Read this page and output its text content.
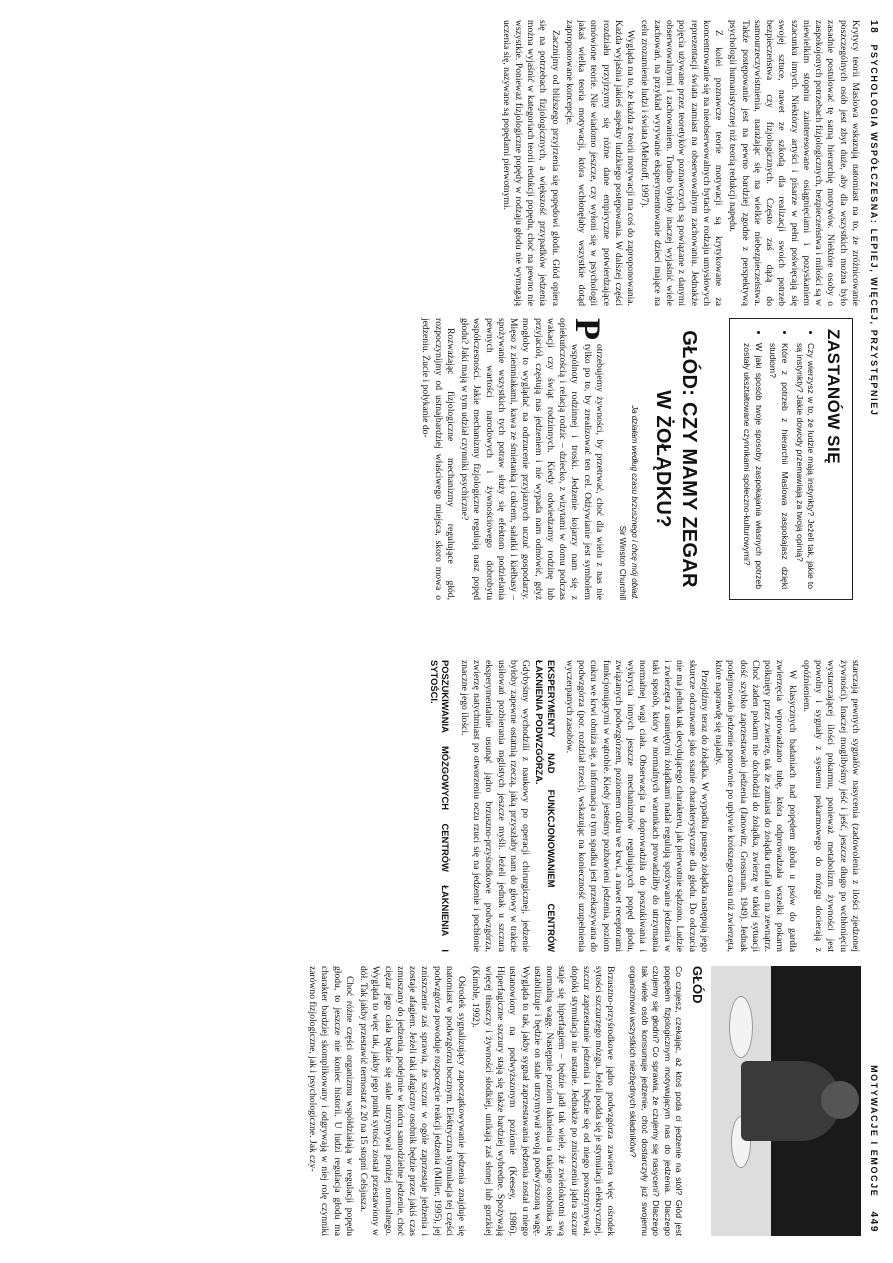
18 PSYCHOLOGIA WSPÓŁCZESNA: LEPIEJ, WIĘCEJ, PRZYSTĘPNIEJ

Krytycy teorii Maslowa wskazują natomiast na to, że zróżnicowanie poszczególnych osób jest zbyt duże, aby dla wszystkich można było zasadnie postulować tę samą hierarchię motywów. Niektóre osoby o zaspokojonych potrzebach fizjologicznych, bezpieczeństwa i miłości są w niewielkim stopniu zainteresowane osiągnięciami i pozyskaniem szacunku innych. Niektórzy artyści i pisarze w pełni poświęcają się swojej sztuce, nawet ze szkodą dla realizacji swoich potrzeb bezpieczeństwa czy fizjologicznych. Często zaś dążą do samourzeczywistnienia, narażając się na wielkie niebezpieczeństwa. Także postępowanie jest na pewno bardziej zgodne z perspektywą psychologii humanistycznej niż teorią redukcji napędu.

Z kolei poznawcze teorie motywacji są krytykowane za koncentrowanie się na nieobserwowalnych bytach w rodzaju umysłowych reprezentacji świata zamiast na obserwowalnym zachowaniu. Jednakże pojęcia używane przez teoretyków poznawczych są powiązane z danymi obserwowalnymi i zachowaniem. Trudno byłoby inaczej wyjaśnić wiele zachowań, na przykład wyrywanie eksperymentowanie dzieci mające na celu zrozumienie ludzi i świata (Meltzoff, 1997).

Wygląda na to, że każda z teorii motywacji ma coś do zaproponowania. Każda wyjaśnia jakieś aspekty ludzkiego postępowania. W dalszej części rozdziału przyjrzymy się różne dane empiryczne potwierdzające omówione teorie. Nie wiadomo jeszcze, czy wyłoni się w psychologii jakaś wielka teoria motywacji, która wchłonęłaby wszystkie dotąd zaproponowane koncepcje.

Zacznijmy od bliższego przyjrzenia się popędowi głodu. Głód opiera się na potrzebach fizjologicznych, a większość przypadków jedzenia można wyjaśnić w kategoriach teorii redukcji popędu, choć na pewno nie wszystkie. Ponieważ fizjologiczne popędy w rodzaju głodu nie wymagają uczenia się, nazywane są popędami pierwotnymi.

ZASTANÓW SIĘ
• Czy wierzysz w to, że ludzie mają instynkty? Jeżeli tak, jakie to są instynkty? Jakie dowody przemawiają za twoją opinią?
• Które z potrzeb z hierarchii Maslowa zaspokajasz dzięki studiom?
• W jaki sposób twoje sposoby zaspokajania własnych potrzeb zostały ukształtowane czynnikami społeczno-kulturowymi?
GŁÓD: CZY MAMY ZEGAR W ŻOŁĄDKU?
Ja działam według czasu brzusznego i chcę mój obiad.
Sir Winston Churchill

P
otrzebujemy żywności, by przetrwać, choć dla wielu z nas nie tylko po to, by zrealizować ten cel. Odżywianie jest symbolem wspólnoty rodzinnej i troski. Jedzenie kojarzy nam się z opiekuńczością i relacją rodzic – dziecko, z wizytami w domu podczas wakacji czy świąt rodzinnych. Kiedy odwiedzamy rodzinę lub przyjaciół, częstują nas jedzeniem i nie wypada nam odmówić, gdyż mogłoby to wyglądać na odrzucenie przyjaznych uczuć gospodarzy. Mięso z ziemniakami, kawa ze śmietanką i cukrem, sałatki i kiełbasy – spożywanie wszystkich tych potraw służy się efektom podzielania pewnych wartości narodowych i żywnościowego dobrobytu współczesności. Jakie mechanizmy fizjologiczne regulują nasz popęd głodu? Jaki mają w tym udział czynniki psychiczne?

Rozważając fizjologiczne mechanizmy regulujące głód, rozpoczynijmy od ustnajbardziej właściwego miejsca, skoro mowa o jedzeniu. Żucie i połykanie do-

MOTYWACJE I EMOCJE 449

starczają pewnych sygnałów nasycenia (zadowolenia z ilości zjedzonej żywności). Inaczej moglibyśmy jeść i jeść, jeszcze długo po wchłonięciu wystarczającej ilości pokarmu, ponieważ metabolizm żywności jest powolny i sygnały z systemu pokarmowego do mózgu docierają z opóźnieniem.

W klasycznych badaniach nad popędem głodu u psów do gardła zwierzęcia wprowadzano tubę, która odprowadzała wszelki pokarm połknięty przez zwierzę, tak że zamiast do żołądka trafiał on na zewnątrz. Choć żaden pokarm nie dochodził do żołądka, zwierzę w takiej sytuacji dość szybko zaprzestawało jedzenia (Janowitz, Grossman, 1949). Jednak podejmowało jedzenie ponownie po upływie krótszego czasu niż zwierzęta, które naprawdę się najadły.

Przejdźmy teraz do żołądka. W wypadku pustego żołądka następują jego skurcze odczuwane jako ssanie charakterystyczne dla głodu. Do odczucia nie ma jednak tak decydującego charakteru, jak pierwotnie sądzono. Ludzie i zwierzęta z usuniętymi żołądkami nadal regulują spożywanie jedzenia w taki sposób, który w normalnych warunkach prowadziłby do utrzymania normalnej wagi ciała. Obserwacja ta doprowadziła do poszukiwania i wykrycia innych jeszcze mechanizmów regulujących popęd głodu, związanych podwzgórzem, poziomem cukru we krwi, a nawet receptorami funkcjonującymi w wątrobie. Kiedy jesteśmy pozbawieni jedzenia, poziom cukru we krwi obniża się, a informacja o tym spadku jest przekazywana do podwzgórza (por. rozdział trzeci), wskazując na konieczność uzupełnienia wyczerpanych zasobów.

EKSPERYMENTY NAD FUNKCJONOWANIEM CENTRÓW ŁAKNIENIA PODWZGÓRZA.

Gdybyśmy wychodzili z naukowy po operacji chirurgicznej, jedzenie byłoby zapewne ostatnią rzeczą, jaką przyszłaby nam do głowy w trakcie usiłowań pozbierania mglistych jeszcze myśli. Jeżeli jednak u szczura eksperymentalnie usunąć jądro brzuszno-przyśrodkowe podwzgórza, zwierzę natychmiast po otworzeniu oczu rzuci się na jedzenie i pochłonie znaczne jego ilości.

POSZUKIWANIA MÓZGOWYCH CENTRÓW ŁAKNIENIA I SYTOŚCI.
GŁÓD
Co czujesz, czekając, aż ktoś poda ci jedzenie na stół? Głód jest popędem fizjologicznym motywującym nas do jedzenia. Dlaczego czujemy się głodni? Co sprawia, że czujemy się nasyceni? Dlaczego tak wiele osób konsumuje jedzenie, choć dostarczyły już swojemu organizmowi wszystkich niezbędnych składników?

Brzuszno-przyśrodkowe jądro podwzgórza zawiera więc ośrodek sytości szczurzego mózgu. Jeżeli podda się je stymulacji elektrycznej, szczur zaprzestanie jedzenia i będzie się od niego powstrzymywał, dopóki stymulacja nie ustanie. Jednakże po zniszczeniu jądra szczur staje się hiperfagiem – będzie jadł tak wiele, że zwielokrotni swą normalną wagę. Następnie poziom łaknienia u takiego osobnika się ustabilizuje i będzie on stale utrzymywał swoją podwyższoną wagę. Wygląda to tak, jakby sygnał zaprzestawania jedzenia został u niego ustanowiony na podwyższonym poziomie (Keesey, 1986). Hiperfagiczne szczury stają się także bardziej wybredne. Spożywają więcej tłuszczy i żywności słodkiej, unikają zaś słonej lub gorzkiej (Kimble, 1992).

Ośrodek sygnalizujący zapoczątkowywanie jedzenia znajduje się natomiast w podwzgórzu bocznym. Elektryczna stymulacja tej części podwzgórza powoduje rozpoczęcie reakcji jedzenia (Miller, 1995), jej zniszczenie zaś sprawia, że szczur w ogóle zaprzestaje jedzenia i zostaje afagiem. Jeżeli taki afagiczny osobnik będzie przez jakiś czas zmuszany do jedzenia, podejmie w końcu samodzielne jedzenie, choć ciężar jego ciała będzie się stale utrzymywał poniżej normalnego. Wygląda to więc tak, jakby jego punkt sytości został przestawiony w dół. Tak jakby przestawić termostat z 20 na 15 stopni Celsjusza.

Choć różne części organizmu współdziałają w regulacji popędu głodu, to jeszcze nie koniec historii. U ludzi regulacja głodu ma charakter bardziej skomplikowany i odgrywają w niej rolę czynniki zarówno fizjologiczne, jak i psychologiczne. Jak czy-
